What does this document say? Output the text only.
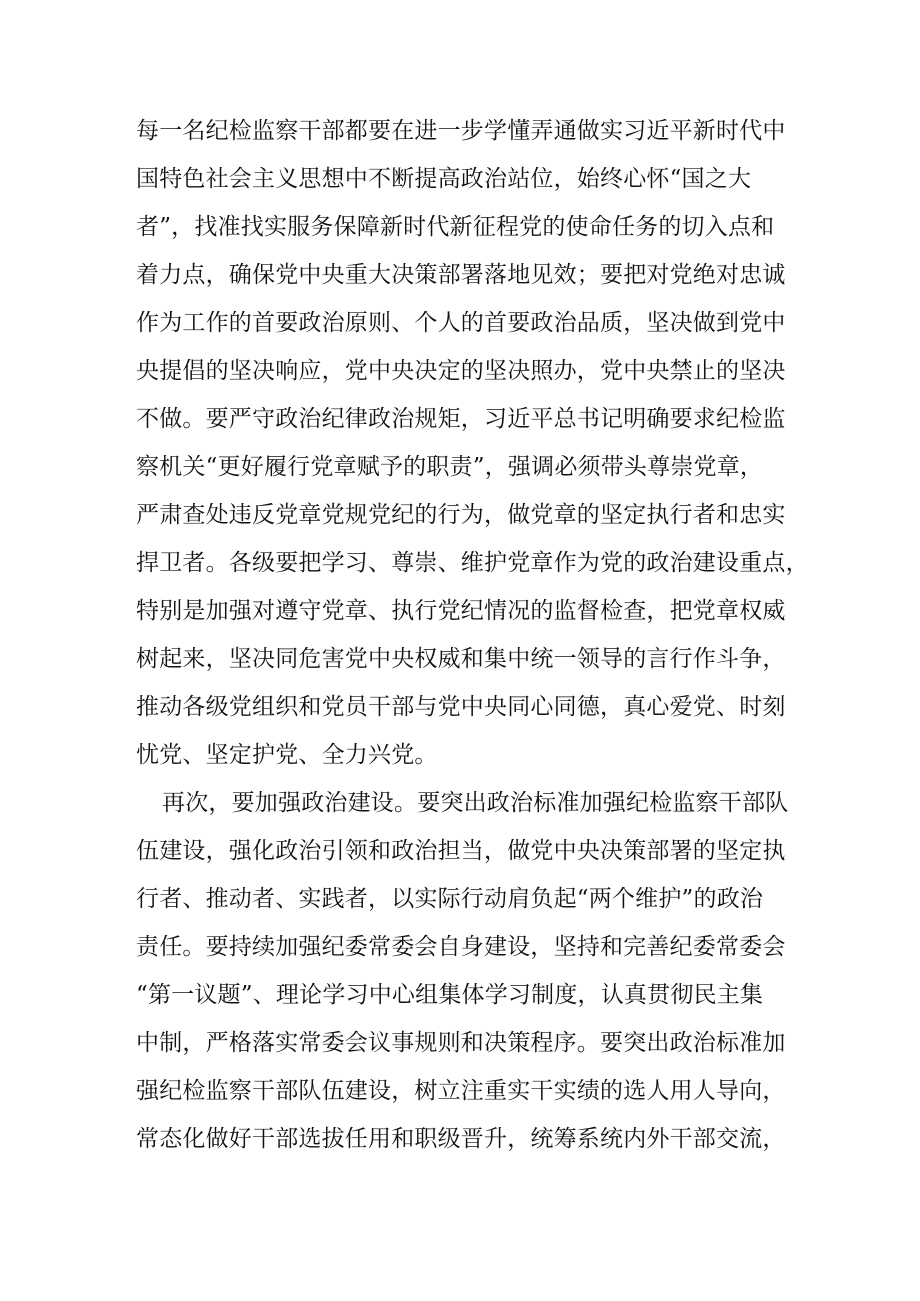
每一名纪检监察干部都要在进一步学懂弄通做实习近平新时代中
国特色社会主义思想中不断提高政治站位，始终心怀“国之大
者”，找准找实服务保障新时代新征程党的使命任务的切入点和
着力点，确保党中央重大决策部署落地见效；要把对党绝对忠诚
作为工作的首要政治原则、个人的首要政治品质，坚决做到党中
央提倡的坚决响应，党中央决定的坚决照办，党中央禁止的坚决
不做。要严守政治纪律政治规矩，习近平总书记明确要求纪检监
察机关“更好履行党章赋予的职责”，强调必须带头尊崇党章，
严肃查处违反党章党规党纪的行为，做党章的坚定执行者和忠实
捍卫者。各级要把学习、尊崇、维护党章作为党的政治建设重点，
特别是加强对遵守党章、执行党纪情况的监督检查，把党章权威
树起来，坚决同危害党中央权威和集中统一领导的言行作斗争，
推动各级党组织和党员干部与党中央同心同德，真心爱党、时刻
忧党、坚定护党、全力兴党。
再次，要加强政治建设。要突出政治标准加强纪检监察干部队
伍建设，强化政治引领和政治担当，做党中央决策部署的坚定执
行者、推动者、实践者，以实际行动肩负起“两个维护”的政治
责任。要持续加强纪委常委会自身建设，坚持和完善纪委常委会
“第一议题”、理论学习中心组集体学习制度，认真贯彻民主集
中制，严格落实常委会议事规则和决策程序。要突出政治标准加
强纪检监察干部队伍建设，树立注重实干实绩的选人用人导向，
常态化做好干部选拔任用和职级晋升，统筹系统内外干部交流，
